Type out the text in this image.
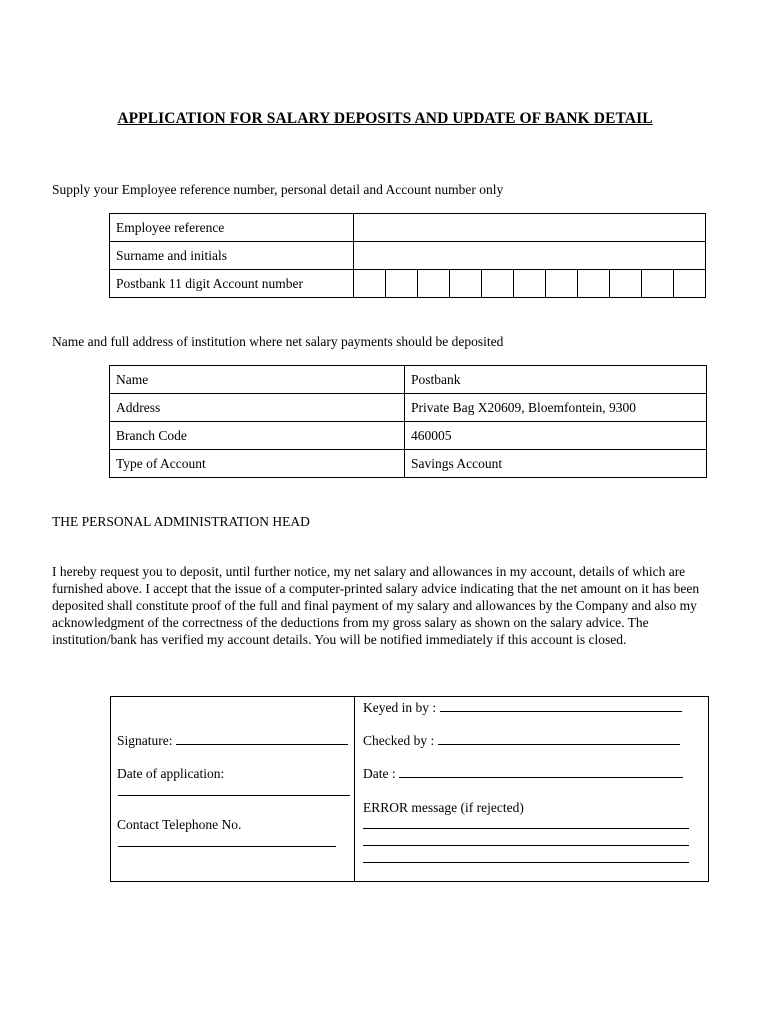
APPLICATION FOR SALARY DEPOSITS AND UPDATE OF BANK DETAIL
Supply your Employee reference number, personal detail and Account number only
Employee reference											
Surname and initials											
Postbank 11 digit Account number											
Name and full address of institution where net salary payments should be deposited
Name	Postbank
Address	Private Bag X20609, Bloemfontein, 9300
Branch Code	460005
Type of Account	Savings Account
THE PERSONAL ADMINISTRATION HEAD
I hereby request you to deposit, until further notice, my net salary and allowances in my account, details of which are furnished above. I accept that the issue of a computer-printed salary advice indicating that the net amount on it has been deposited shall constitute proof of the full and final payment of my salary and allowances by the Company and also my acknowledgment of the correctness of the deductions from my gross salary as shown on the salary advice. The institution/bank has verified my account details. You will be notified immediately if this account is closed.
Signature:
Date of application:
Contact Telephone No.
Keyed in by :
Checked by :
Date :
ERROR message (if rejected)
